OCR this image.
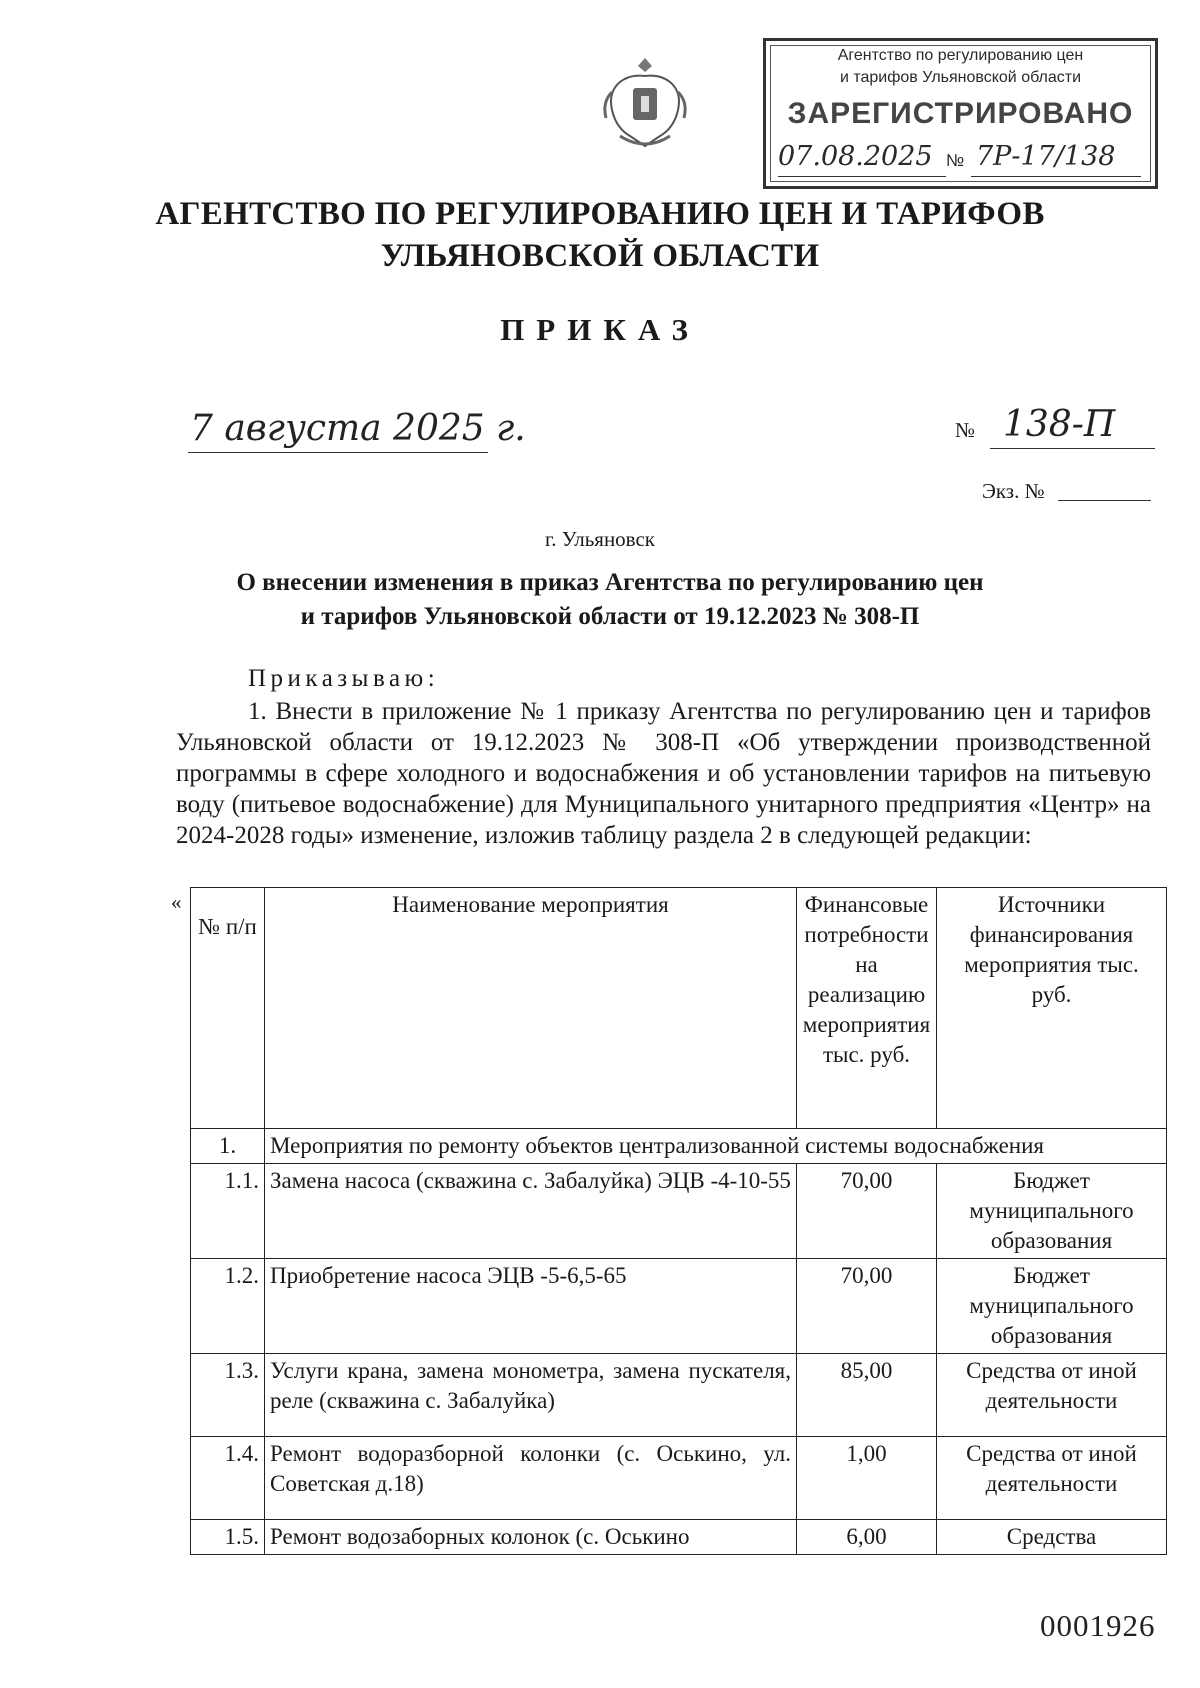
Агентство по регулированию цен
и тарифов Ульяновской области
ЗАРЕГИСТРИРОВАНО
07.08.2025 № 7Р-17/138
АГЕНТСТВО ПО РЕГУЛИРОВАНИЮ ЦЕН И ТАРИФОВ
УЛЬЯНОВСКОЙ ОБЛАСТИ
ПРИКАЗ
7 августа 2025 г.	№ 138-П
Экз. №
г. Ульяновск
О внесении изменения в приказ Агентства по регулированию цен
и тарифов Ульяновской области от 19.12.2023 № 308-П
Приказываю:
1. Внести в приложение № 1 приказу Агентства по регулированию цен и тарифов Ульяновской области от 19.12.2023 № 308-П «Об утверждении производственной программы в сфере холодного и водоснабжения и об установлении тарифов на питьевую воду (питьевое водоснабжение) для Муниципального унитарного предприятия «Центр» на 2024-2028 годы» изменение, изложив таблицу раздела 2 в следующей редакции:
«
№ п/п	Наименование мероприятия	Финансовые потребности на реализацию мероприятия тыс. руб.	Источники финансирования мероприятия тыс. руб.
1.	Мероприятия по ремонту объектов централизованной системы водоснабжения		
1.1.	Замена насоса (скважина с. Забалуйка) ЭЦВ -4-10-55	70,00	Бюджет муниципального образования
1.2.	Приобретение насоса ЭЦВ -5-6,5-65	70,00	Бюджет муниципального образования
1.3.	Услуги крана, замена монометра, замена пускателя, реле (скважина с. Забалуйка)	85,00	Средства от иной деятельности
1.4.	Ремонт водоразборной колонки (с. Оськино, ул. Советская д.18)	1,00	Средства от иной деятельности
1.5.	Ремонт водозаборных колонок (с. Оськино	6,00	Средства
0001926
